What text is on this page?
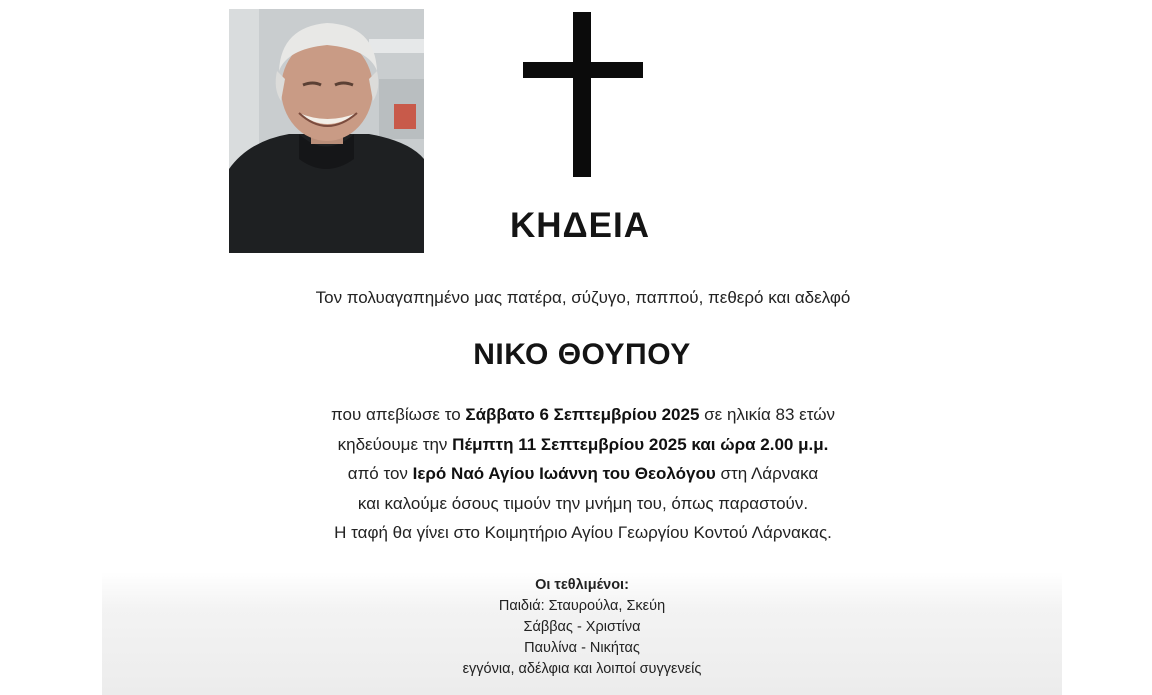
ΚΗΔΕΙΑ
Τον πολυαγαπημένο μας πατέρα, σύζυγο, παππού, πεθερό και αδελφό
ΝΙΚΟ ΘΟΥΠΟΥ
που απεβίωσε το Σάββατο 6 Σεπτεμβρίου 2025 σε ηλικία 83 ετών
κηδεύουμε την Πέμπτη 11 Σεπτεμβρίου 2025 και ώρα 2.00 μ.μ.
από τον Ιερό Ναό Αγίου Ιωάννη του Θεολόγου στη Λάρνακα
και καλούμε όσους τιμούν την μνήμη του, όπως παραστούν.
Η ταφή θα γίνει στο Κοιμητήριο Αγίου Γεωργίου Κοντού Λάρνακας.
Οι τεθλιμένοι:
Παιδιά: Σταυρούλα, Σκεύη
Σάββας - Χριστίνα
Παυλίνα - Νικήτας
εγγόνια, αδέλφια και λοιποί συγγενείς
